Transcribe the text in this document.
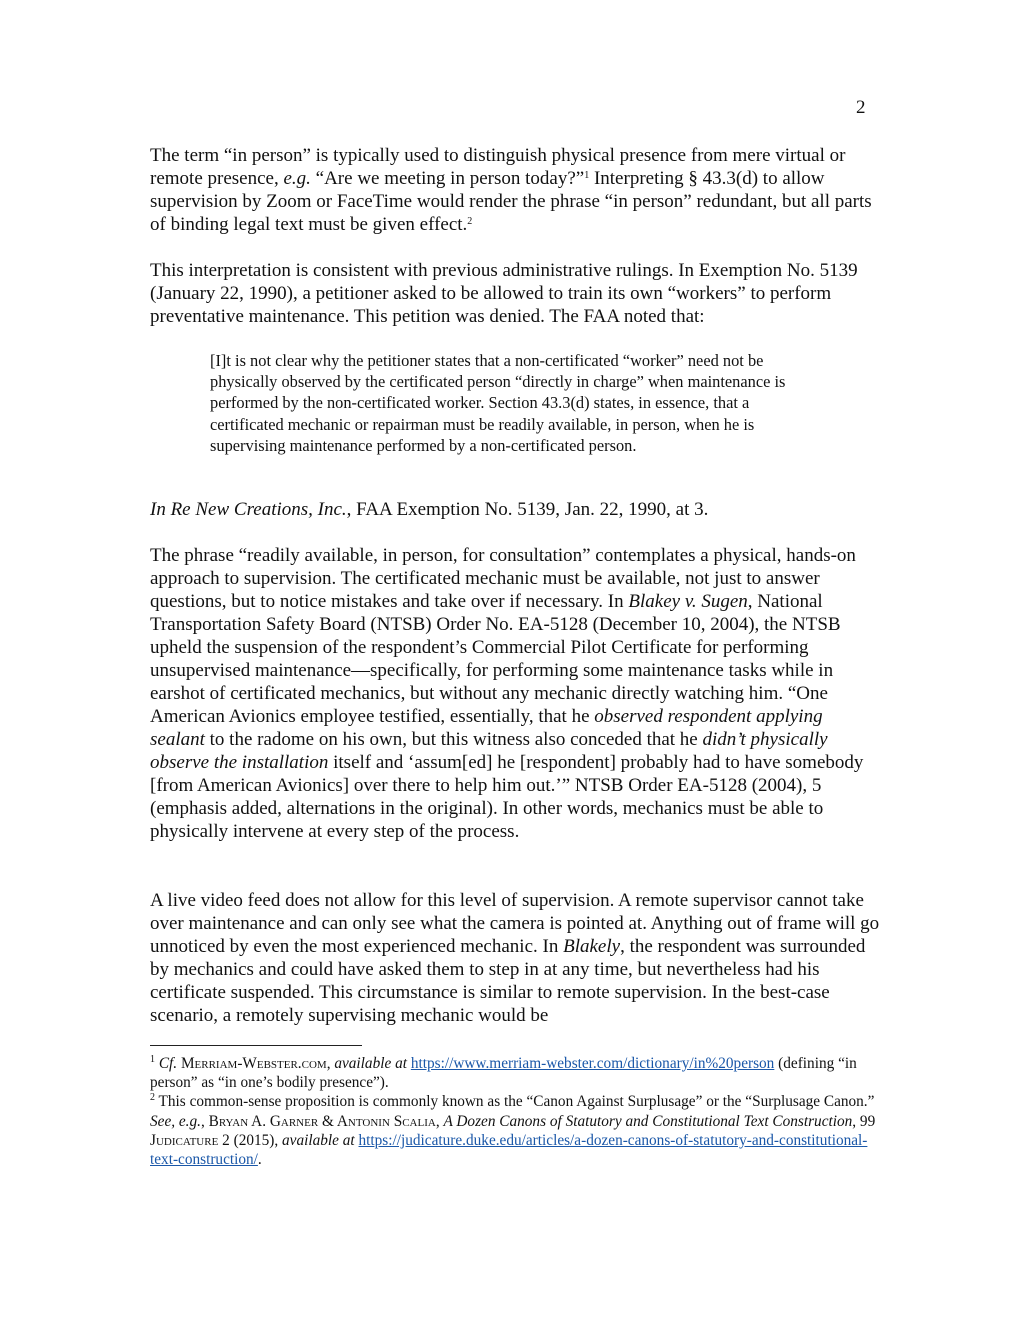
2

The term “in person” is typically used to distinguish physical presence from mere virtual or remote presence, e.g. “Are we meeting in person today?”$^1$ Interpreting § 43.3(d) to allow supervision by Zoom or FaceTime would render the phrase “in person” redundant, but all parts of binding legal text must be given effect.$^2$

This interpretation is consistent with previous administrative rulings. In Exemption No. 5139 (January 22, 1990), a petitioner asked to be allowed to train its own “workers” to perform preventative maintenance. This petition was denied. The FAA noted that:

[I]t is not clear why the petitioner states that a non-certificated “worker” need not be physically observed by the certificated person “directly in charge” when maintenance is performed by the non-certificated worker. Section 43.3(d) states, in essence, that a certificated mechanic or repairman must be readily available, in person, when he is supervising maintenance performed by a non-certificated person.

In Re New Creations, Inc., FAA Exemption No. 5139, Jan. 22, 1990, at 3.

The phrase “readily available, in person, for consultation” contemplates a physical, hands-on approach to supervision. The certificated mechanic must be available, not just to answer questions, but to notice mistakes and take over if necessary. In Blakey v. Sugen, National Transportation Safety Board (NTSB) Order No. EA-5128 (December 10, 2004), the NTSB upheld the suspension of the respondent’s Commercial Pilot Certificate for performing unsupervised maintenance—specifically, for performing some maintenance tasks while in earshot of certificated mechanics, but without any mechanic directly watching him. “One American Avionics employee testified, essentially, that he observed respondent applying sealant to the radome on his own, but this witness also conceded that he didn’t physically observe the installation itself and ‘assum[ed] he [respondent] probably had to have somebody [from American Avionics] over there to help him out.’” NTSB Order EA-5128 (2004), 5 (emphasis added, alternations in the original). In other words, mechanics must be able to physically intervene at every step of the process.

A live video feed does not allow for this level of supervision. A remote supervisor cannot take over maintenance and can only see what the camera is pointed at. Anything out of frame will go unnoticed by even the most experienced mechanic. In Blakely, the respondent was surrounded by mechanics and could have asked them to step in at any time, but nevertheless had his certificate suspended. This circumstance is similar to remote supervision. In the best-case scenario, a remotely supervising mechanic would be

$^1$ Cf. Merriam-Webster.com, available at https://www.merriam-webster.com/dictionary/in%20person (defining “in person” as “in one’s bodily presence”).

$^2$ This common-sense proposition is commonly known as the “Canon Against Surplusage” or the “Surplusage Canon.” See, e.g., Bryan A. Garner & Antonin Scalia, A Dozen Canons of Statutory and Constitutional Text Construction, 99 Judicature 2 (2015), available at https://judicature.duke.edu/articles/a-dozen-canons-of-statutory-and-constitutional-text-construction/.
